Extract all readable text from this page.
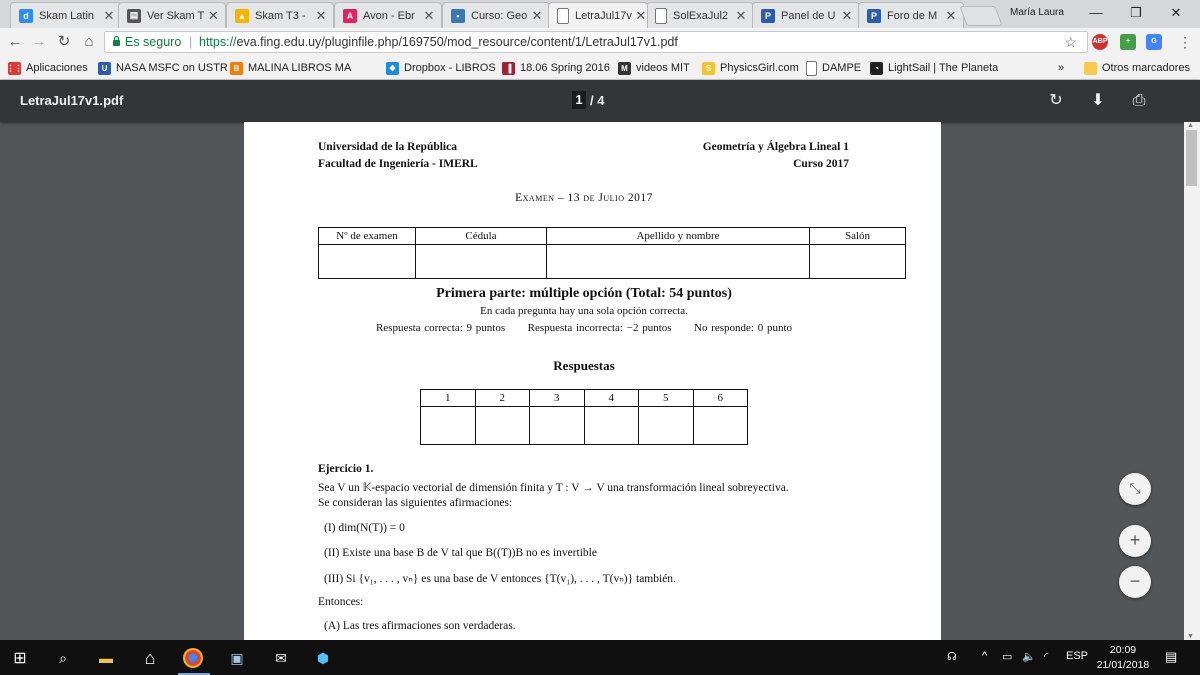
d Skam Latin ✕	▤ Ver Skam T ✕ ▲ Skam T3 - ✕	A Avon - Ebr ✕	▪	Curso: Geo ✕	LetraJul17v ✕ SolExaJul2 ✕	P Panel de U ✕	P Foro de M ✕	María Laura	—	❐	✕
← → ↻ ⌂	Es seguro | https://eva.fing.edu.uy/pluginfile.php/169750/mod_resource/content/1/LetraJul17v1.pdf	☆ ABP	+	G	⋮
⋮⋮ Aplicaciones	U NASA MSFC on USTR B MALINA LIBROS MA	❖ Dropbox - LIBROS	▐ 18.06 Spring 2016	M videos MIT	S PhysicsGirl.com DAMPE	◔ LightSail | The Planeta	Otros marcadores
»
LetraJul17v1.pdf	1 / 4	↻ ⬇ ⎙
Universidad de la República
Facultad de Ingeniería - IMERL
Geometría y Álgebra Lineal 1
Curso 2017
Examen – 13 de Julio 2017
Nº de examen	Cédula	Apellido y nombre	Salón

Primera parte: múltiple opción (Total: 54 puntos)
En cada pregunta hay una sola opción correcta.
Respuesta correcta: 9 puntos Respuesta incorrecta: −2 puntos No responde: 0 punto
Respuestas
1	2	3	4	5	6

Ejercicio 1.
Sea V un 𝕂-espacio vectorial de dimensión finita y T : V → V una transformación lineal sobreyectiva.
Se consideran las siguientes afirmaciones:
(I) dim(N(T)) = 0
(II) Existe una base B de V tal que B((T))B no es invertible
(III) Si {v₁, . . . , vₙ} es una base de V entonces {T(v₁), . . . , T(vₙ)} también.
Entonces:
(A) Las tres afirmaciones son verdaderas.
⤡
+
−
▲
▼
⊞	⌕	▬	⌂	▣	✉	⬢	☊ ^ ▭ 🔈 ◜ ESP	20:09
21/01/2018
▤
